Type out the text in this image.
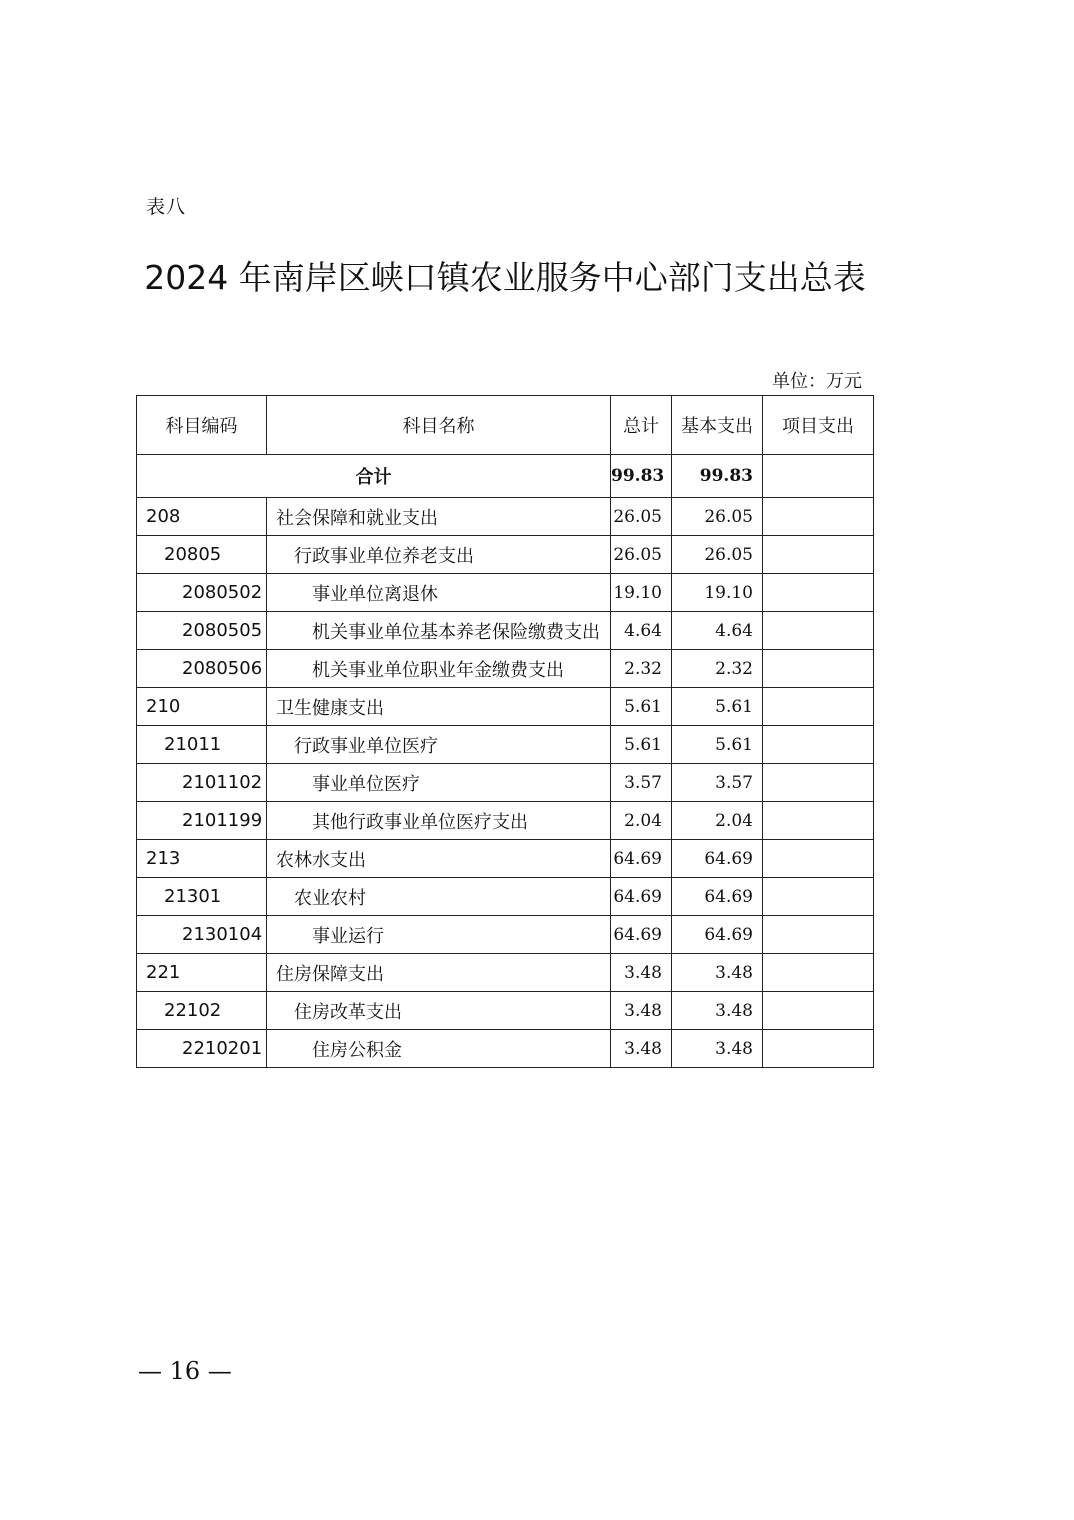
表八
2024 年南岸区峡口镇农业服务中心部门支出总表
单位：万元
科目编码	科目名称	总计	基本支出	项目支出
合计		99.83	99.83	
208	社会保障和就业支出	26.05	26.05	
20805	行政事业单位养老支出	26.05	26.05	
2080502	事业单位离退休	19.10	19.10	
2080505	机关事业单位基本养老保险缴费支出	4.64	4.64	
2080506	机关事业单位职业年金缴费支出	2.32	2.32	
210	卫生健康支出	5.61	5.61	
21011	行政事业单位医疗	5.61	5.61	
2101102	事业单位医疗	3.57	3.57	
2101199	其他行政事业单位医疗支出	2.04	2.04	
213	农林水支出	64.69	64.69	
21301	农业农村	64.69	64.69	
2130104	事业运行	64.69	64.69	
221	住房保障支出	3.48	3.48	
22102	住房改革支出	3.48	3.48	
2210201	住房公积金	3.48	3.48	
— 16 —
